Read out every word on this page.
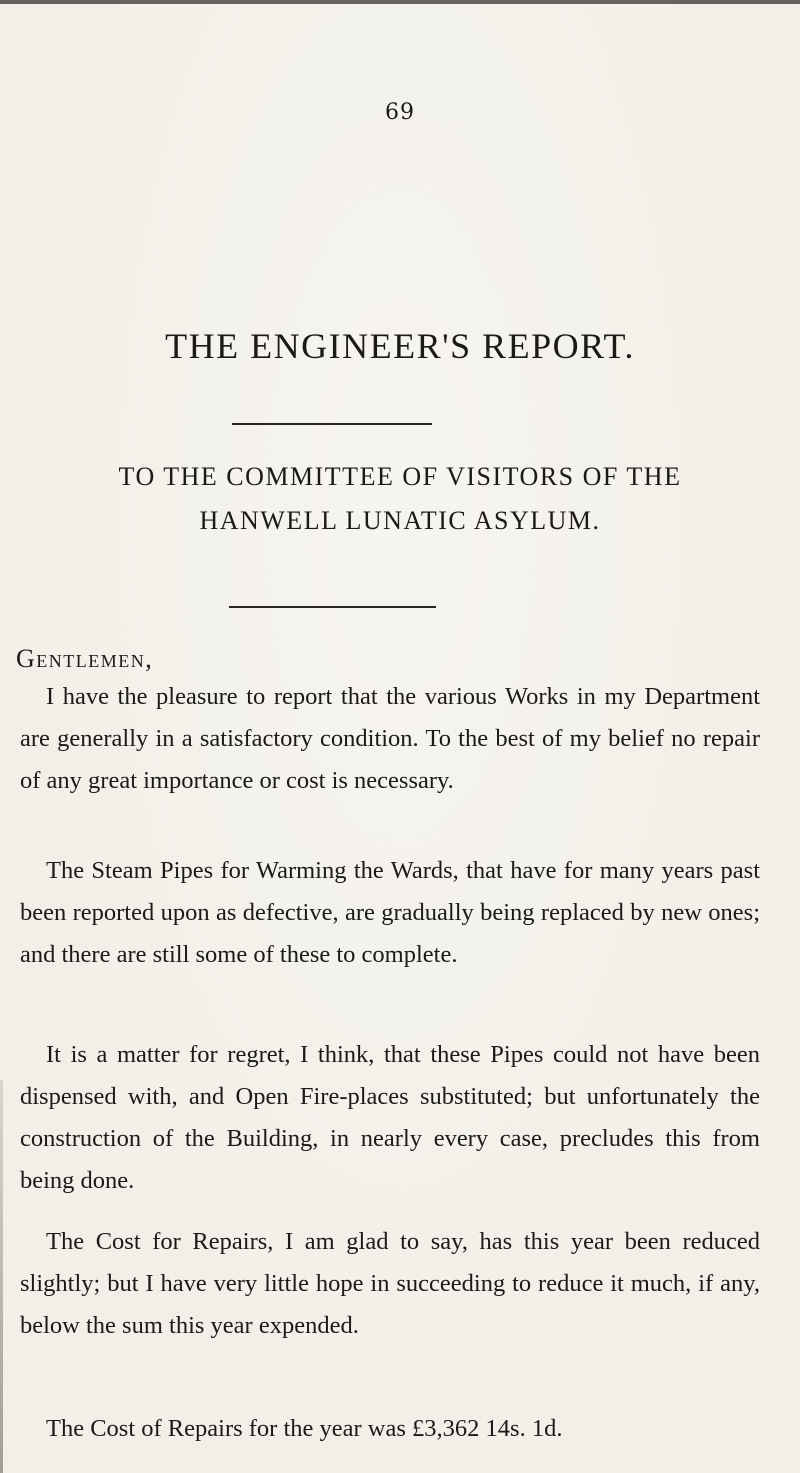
69
THE ENGINEER'S REPORT.
TO THE COMMITTEE OF VISITORS OF THE
HANWELL LUNATIC ASYLUM.
Gentlemen,

I have the pleasure to report that the various Works in my Department are generally in a satisfactory condition. To the best of my belief no repair of any great importance or cost is necessary.

The Steam Pipes for Warming the Wards, that have for many years past been reported upon as defective, are gradually being replaced by new ones; and there are still some of these to complete.

It is a matter for regret, I think, that these Pipes could not have been dispensed with, and Open Fire-places substituted; but unfortunately the construction of the Building, in nearly every case, precludes this from being done.

The Cost for Repairs, I am glad to say, has this year been reduced slightly; but I have very little hope in succeeding to reduce it much, if any, below the sum this year expended.

The Cost of Repairs for the year was £3,362 14s. 1d.
